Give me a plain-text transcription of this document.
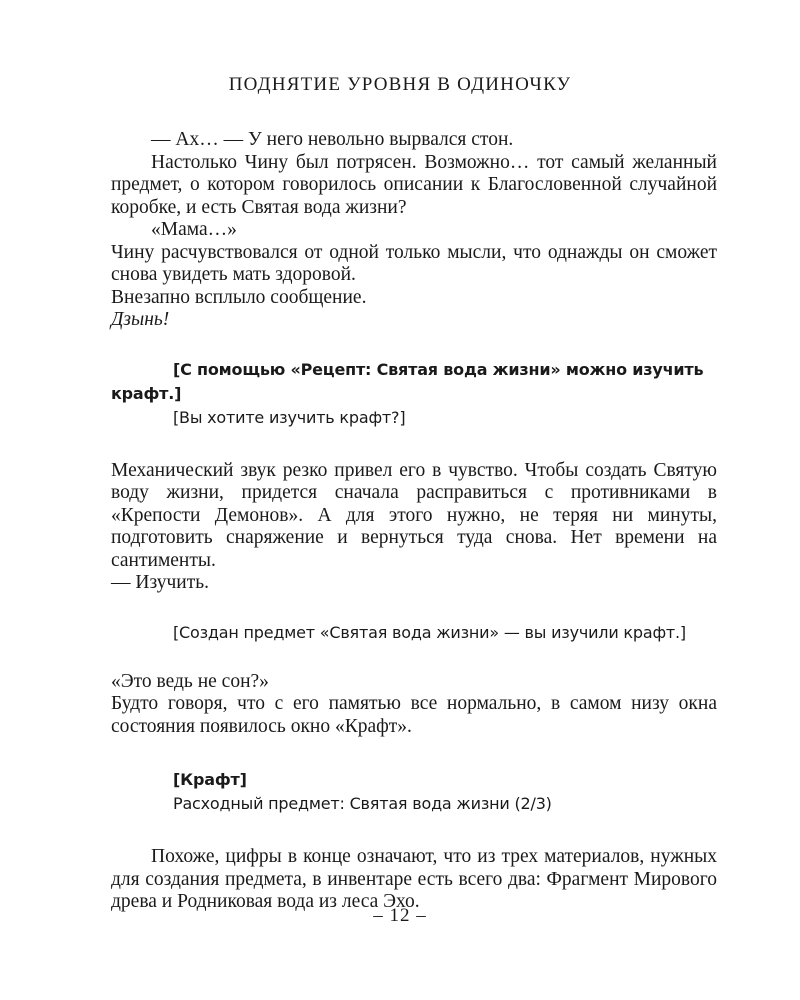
ПОДНЯТИЕ УРОВНЯ В ОДИНОЧКУ

— Ах… — У него невольно вырвался стон.

Настолько Чину был потрясен. Возможно… тот самый желанный предмет, о котором говорилось описании к Благословенной случайной коробке, и есть Святая вода жизни?

«Мама…»

Чину расчувствовался от одной только мысли, что однажды он сможет снова увидеть мать здоровой.

Внезапно всплыло сообщение.

Дзынь!

[С помощью «Рецепт: Святая вода жизни» можно изучить крафт.]

[Вы хотите изучить крафт?]

Механический звук резко привел его в чувство. Чтобы создать Святую воду жизни, придется сначала расправиться с противниками в «Крепости Демонов». А для этого нужно, не теряя ни минуты, подготовить снаряжение и вернуться туда снова. Нет времени на сантименты.

— Изучить.

[Создан предмет «Святая вода жизни» — вы изучили крафт.]

«Это ведь не сон?»

Будто говоря, что с его памятью все нормально, в самом низу окна состояния появилось окно «Крафт».

[Крафт]

Расходный предмет: Святая вода жизни (2/3)

Похоже, цифры в конце означают, что из трех материалов, нужных для создания предмета, в инвентаре есть всего два: Фрагмент Мирового древа и Родниковая вода из леса Эхо.

– 12 –
